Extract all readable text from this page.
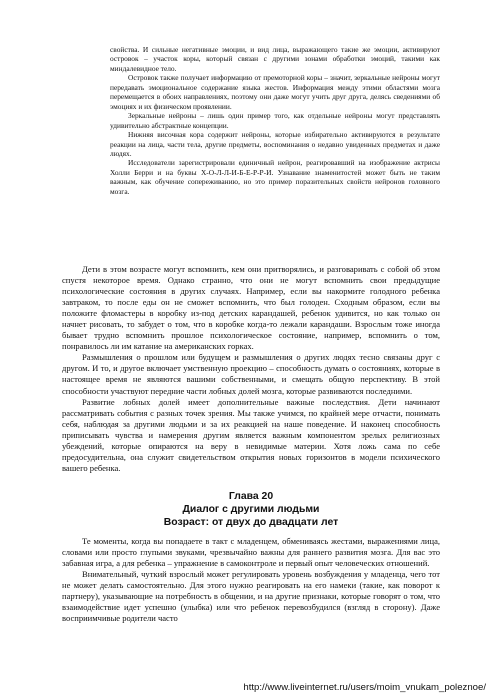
свойства. И сильные негативные эмоции, и вид лица, выражающего такие же эмоции, активируют островок – участок коры, который связан с другими зонами обработки эмоций, такими как миндалевидное тело.

Островок также получает информацию от премоторной коры – значит, зеркальные нейроны могут передавать эмоциональное содержание языка жестов. Информация между этими областями мозга перемещается в обоих направлениях, поэтому они даже могут учить друг друга, делясь сведениями об эмоциях и их физическом проявлении.

Зеркальные нейроны – лишь один пример того, как отдельные нейроны могут представлять удивительно абстрактные концепции.

Нижняя височная кора содержит нейроны, которые избирательно активируются в результате реакции на лица, части тела, другие предметы, воспоминания о недавно увиденных предметах и даже людях.

Исследователи зарегистрировали единичный нейрон, реагировавший на изображение актрисы Холли Берри и на буквы Х-О-Л-Л-И-Б-Е-Р-Р-И. Узнавание знаменитостей может быть не таким важным, как обучение сопереживанию, но это пример поразительных свойств нейронов головного мозга.

Дети в этом возрасте могут вспомнить, кем они притворялись, и разговаривать с собой об этом спустя некоторое время. Однако странно, что они не могут вспомнить свои предыдущие психологические состояния в других случаях. Например, если вы накормите голодного ребенка завтраком, то после еды он не сможет вспомнить, что был голоден. Сходным образом, если вы положите фломастеры в коробку из-под детских карандашей, ребенок удивится, но как только он начнет рисовать, то забудет о том, что в коробке когда-то лежали карандаши. Взрослым тоже иногда бывает трудно вспомнить прошлое психологическое состояние, например, вспомнить о том, понравилось ли им катание на американских горках.

Размышления о прошлом или будущем и размышления о других людях тесно связаны друг с другом. И то, и другое включает умственную проекцию – способность думать о состояниях, которые в настоящее время не являются вашими собственными, и смещать общую перспективу. В этой способности участвуют передние части лобных долей мозга, которые развиваются последними.

Развитие лобных долей имеет дополнительные важные последствия. Дети начинают рассматривать события с разных точек зрения. Мы также учимся, по крайней мере отчасти, понимать себя, наблюдая за другими людьми и за их реакцией на наше поведение. И наконец способность приписывать чувства и намерения другим является важным компонентом зрелых религиозных убеждений, которые опираются на веру в невидимые материи. Хотя ложь сама по себе предосудительна, она служит свидетельством открытия новых горизонтов в модели психического вашего ребенка.

Глава 20
Диалог с другими людьми
Возраст: от двух до двадцати лет

Те моменты, когда вы попадаете в такт с младенцем, обмениваясь жестами, выражениями лица, словами или просто глупыми звуками, чрезвычайно важны для раннего развития мозга. Для вас это забавная игра, а для ребенка – упражнение в самоконтроле и первый опыт человеческих отношений.

Внимательный, чуткий взрослый может регулировать уровень возбуждения у младенца, чего тот не может делать самостоятельно. Для этого нужно реагировать на его намеки (такие, как поворот к партнеру), указывающие на потребность в общении, и на другие признаки, которые говорят о том, что взаимодействие идет успешно (улыбка) или что ребенок перевозбудился (взгляд в сторону). Даже восприимчивые родители часто

http://www.liveinternet.ru/users/moim_vnukam_poleznoe/
